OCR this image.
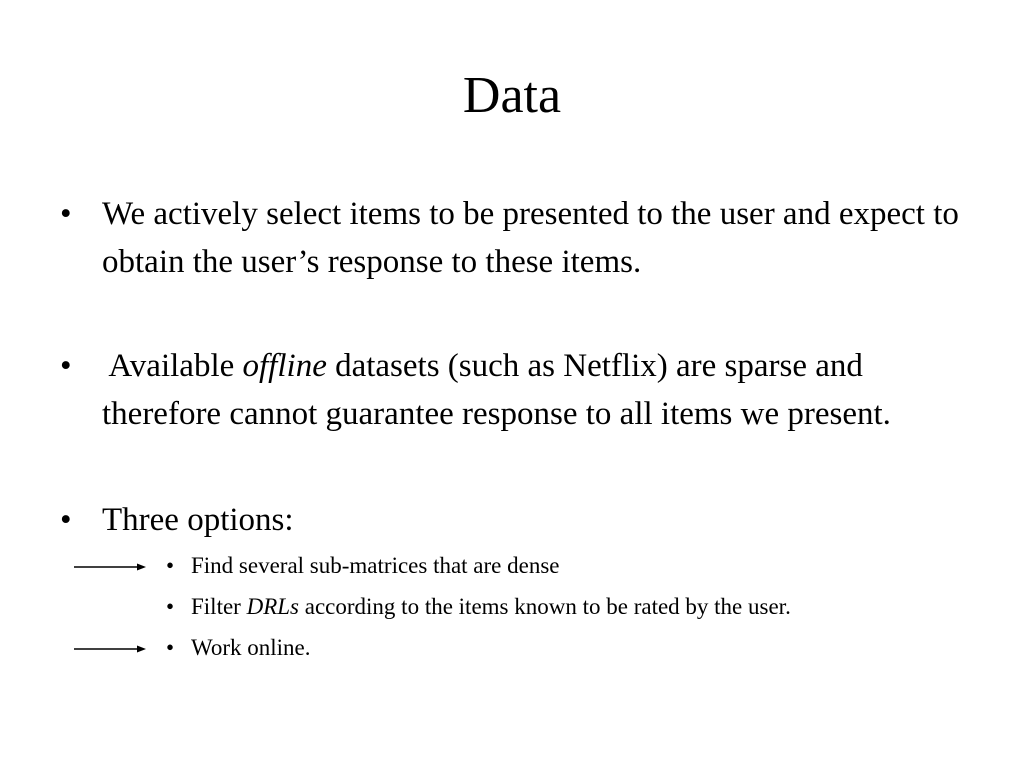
Data
• We actively select items to be presented to the user and expect to obtain the user’s response to these items.
• Available offline datasets (such as Netflix) are sparse and therefore cannot guarantee response to all items we present.
• Three options:
• Find several sub-matrices that are dense
• Filter DRLs according to the items known to be rated by the user.
• Work online.
